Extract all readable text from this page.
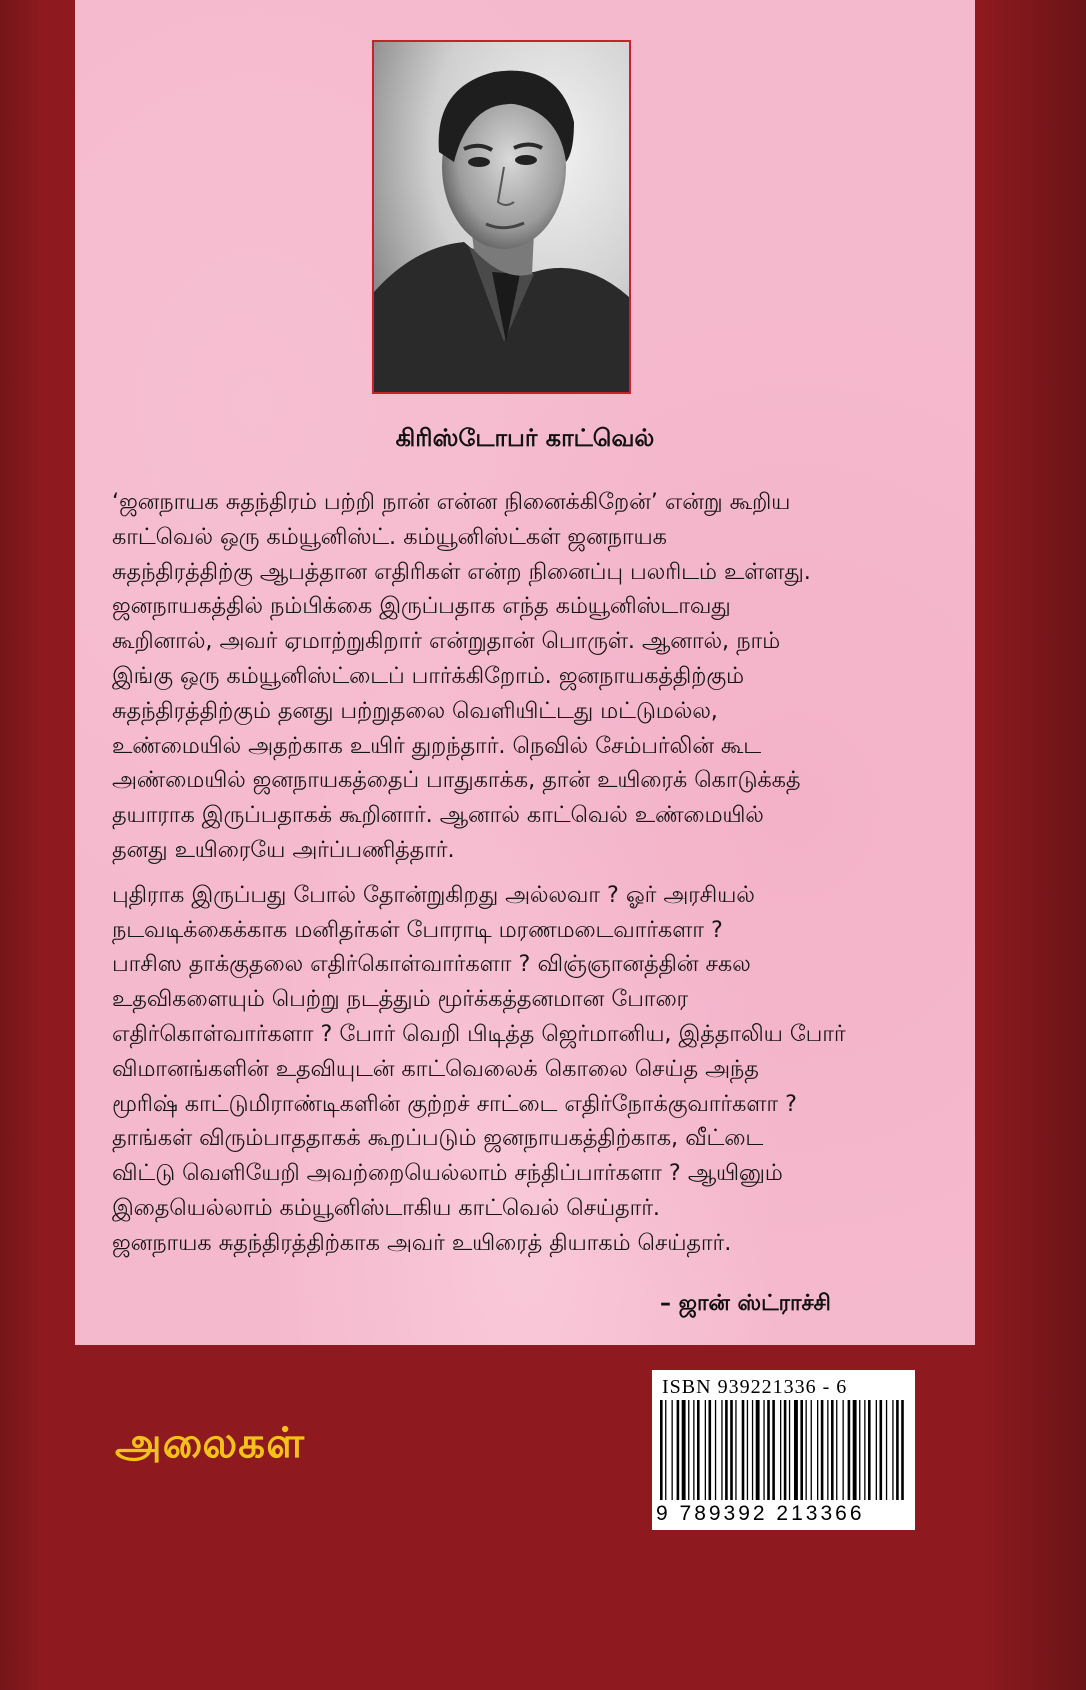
கிரிஸ்டோபர் காட்வெல்

‘ஜனநாயக சுதந்திரம் பற்றி நான் என்ன நினைக்கிறேன்’ என்று கூறிய
காட்வெல் ஒரு கம்யூனிஸ்ட். கம்யூனிஸ்ட்கள் ஜனநாயக
சுதந்திரத்திற்கு ஆபத்தான எதிரிகள் என்ற நினைப்பு பலரிடம் உள்ளது.
ஜனநாயகத்தில் நம்பிக்கை இருப்பதாக எந்த கம்யூனிஸ்டாவது
கூறினால், அவர் ஏமாற்றுகிறார் என்றுதான் பொருள். ஆனால், நாம்
இங்கு ஒரு கம்யூனிஸ்ட்டைப் பார்க்கிறோம். ஜனநாயகத்திற்கும்
சுதந்திரத்திற்கும் தனது பற்றுதலை வெளியிட்டது மட்டுமல்ல,
உண்மையில் அதற்காக உயிர் துறந்தார். நெவில் சேம்பர்லின் கூட
அண்மையில் ஜனநாயகத்தைப் பாதுகாக்க, தான் உயிரைக் கொடுக்கத்
தயாராக இருப்பதாகக் கூறினார். ஆனால் காட்வெல் உண்மையில்
தனது உயிரையே அர்ப்பணித்தார்.

புதிராக இருப்பது போல் தோன்றுகிறது அல்லவா ? ஓர் அரசியல்
நடவடிக்கைக்காக மனிதர்கள் போராடி மரணமடைவார்களா ?
பாசிஸ தாக்குதலை எதிர்கொள்வார்களா ? விஞ்ஞானத்தின் சகல
உதவிகளையும் பெற்று நடத்தும் மூர்க்கத்தனமான போரை
எதிர்கொள்வார்களா ? போர் வெறி பிடித்த ஜெர்மானிய, இத்தாலிய போர்
விமானங்களின் உதவியுடன் காட்வெலைக் கொலை செய்த அந்த
மூரிஷ் காட்டுமிராண்டிகளின் குற்றச் சாட்டை எதிர்நோக்குவார்களா ?
தாங்கள் விரும்பாததாகக் கூறப்படும் ஜனநாயகத்திற்காக, வீட்டை
விட்டு வெளியேறி அவற்றையெல்லாம் சந்திப்பார்களா ? ஆயினும்
இதையெல்லாம் கம்யூனிஸ்டாகிய காட்வெல் செய்தார்.
ஜனநாயக சுதந்திரத்திற்காக அவர் உயிரைத் தியாகம் செய்தார்.

– ஜான் ஸ்ட்ராச்சி
அலைகள்
ISBN 939221336 - 6
9 789392 213366
